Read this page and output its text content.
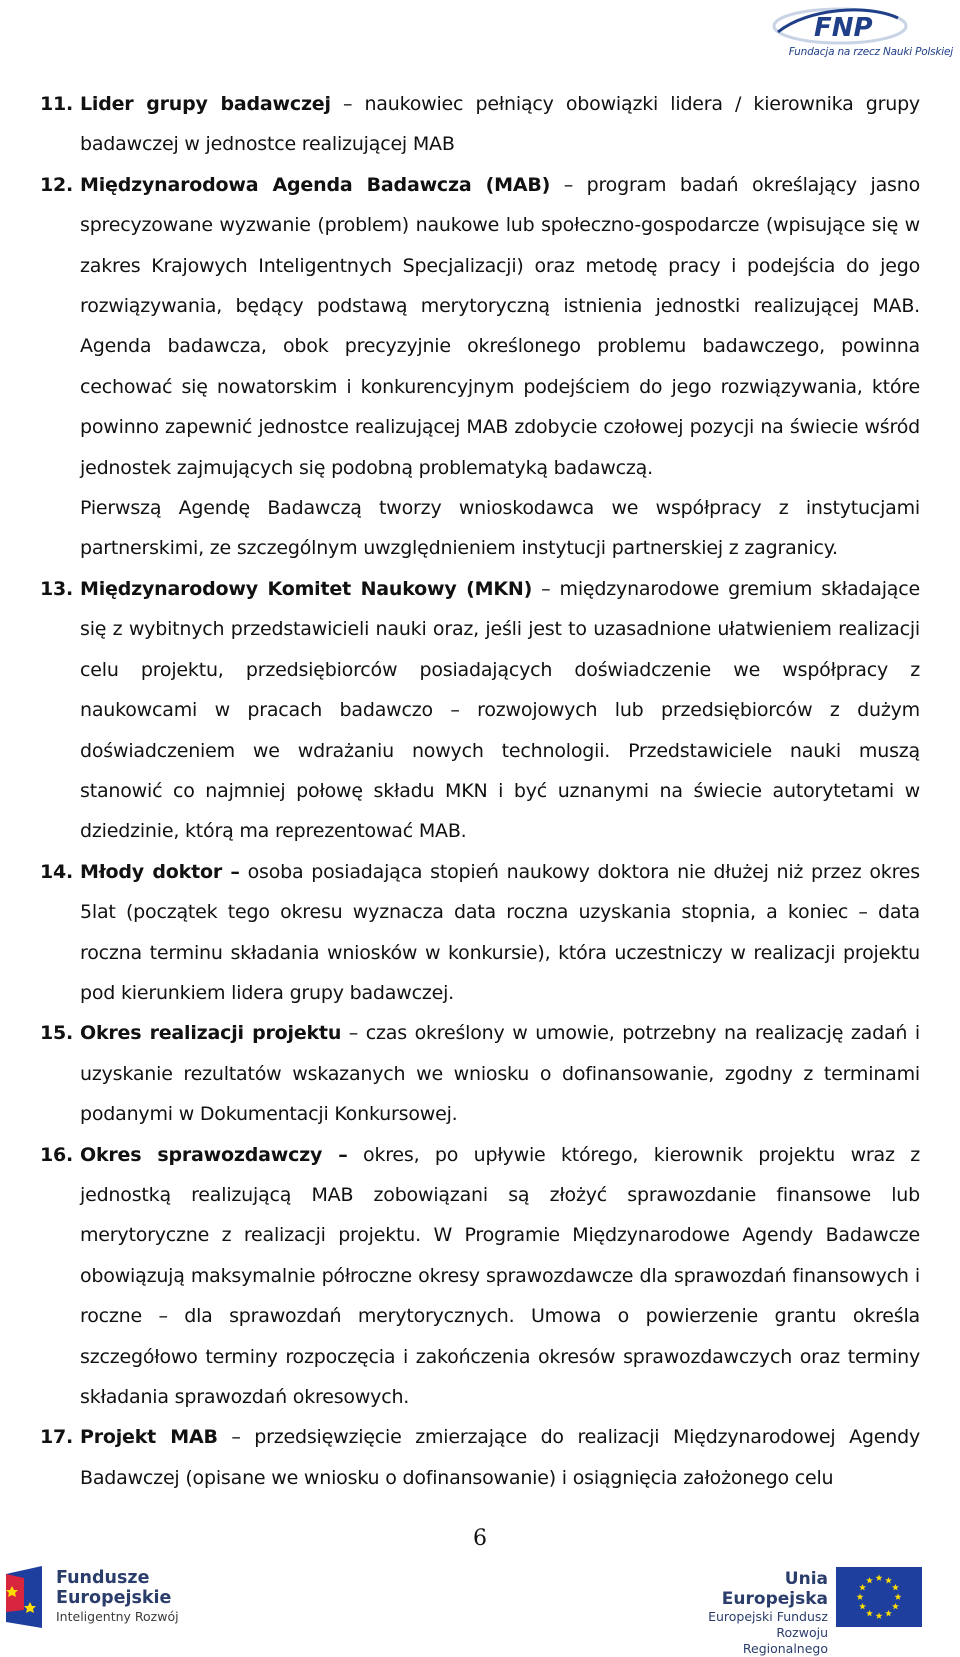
FNP
Fundacja na rzecz Nauki Polskiej
11. Lider grupy badawczej – naukowiec pełniący obowiązki lidera / kierownika grupy badawczej w jednostce realizującej MAB
12. Międzynarodowa Agenda Badawcza (MAB) – program badań określający jasno sprecyzowane wyzwanie (problem) naukowe lub społeczno-gospodarcze (wpisujące się w zakres Krajowych Inteligentnych Specjalizacji) oraz metodę pracy i podejścia do jego rozwiązywania, będący podstawą merytoryczną istnienia jednostki realizującej MAB. Agenda badawcza, obok precyzyjnie określonego problemu badawczego, powinna cechować się nowatorskim i konkurencyjnym podejściem do jego rozwiązywania, które powinno zapewnić jednostce realizującej MAB zdobycie czołowej pozycji na świecie wśród jednostek zajmujących się podobną problematyką badawczą.

Pierwszą Agendę Badawczą tworzy wnioskodawca we współpracy z instytucjami partnerskimi, ze szczególnym uwzględnieniem instytucji partnerskiej z zagranicy.

13. Międzynarodowy Komitet Naukowy (MKN) – międzynarodowe gremium składające się z wybitnych przedstawicieli nauki oraz, jeśli jest to uzasadnione ułatwieniem realizacji celu projektu, przedsiębiorców posiadających doświadczenie we współpracy z naukowcami w pracach badawczo – rozwojowych lub przedsiębiorców z dużym doświadczeniem we wdrażaniu nowych technologii. Przedstawiciele nauki muszą stanowić co najmniej połowę składu MKN i być uznanymi na świecie autorytetami w dziedzinie, którą ma reprezentować MAB.
14. Młody doktor – osoba posiadająca stopień naukowy doktora nie dłużej niż przez okres 5lat (początek tego okresu wyznacza data roczna uzyskania stopnia, a koniec – data roczna terminu składania wniosków w konkursie), która uczestniczy w realizacji projektu pod kierunkiem lidera grupy badawczej.
15. Okres realizacji projektu – czas określony w umowie, potrzebny na realizację zadań i uzyskanie rezultatów wskazanych we wniosku o dofinansowanie, zgodny z terminami podanymi w Dokumentacji Konkursowej.
16. Okres sprawozdawczy – okres, po upływie którego, kierownik projektu wraz z jednostką realizującą MAB zobowiązani są złożyć sprawozdanie finansowe lub merytoryczne z realizacji projektu. W Programie Międzynarodowe Agendy Badawcze obowiązują maksymalnie półroczne okresy sprawozdawcze dla sprawozdań finansowych i roczne – dla sprawozdań merytorycznych. Umowa o powierzenie grantu określa szczegółowo terminy rozpoczęcia i zakończenia okresów sprawozdawczych oraz terminy składania sprawozdań okresowych.
17. Projekt MAB – przedsięwzięcie zmierzające do realizacji Międzynarodowej Agendy Badawczej (opisane we wniosku o dofinansowanie) i osiągnięcia założonego celu
6
Fundusze
Europejskie
Inteligentny Rozwój
Unia Europejska
Europejski Fundusz
Rozwoju Regionalnego
